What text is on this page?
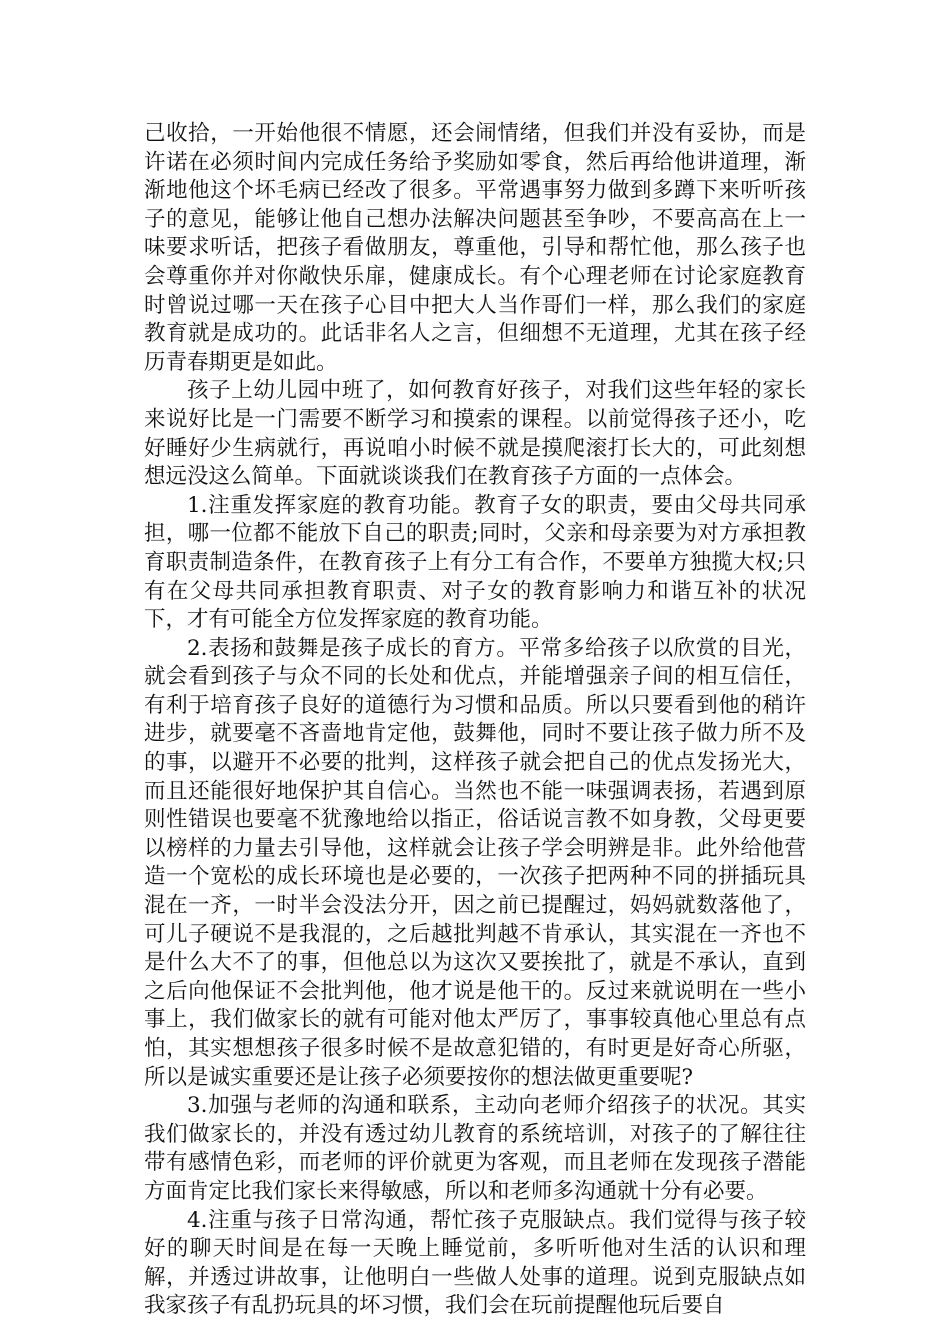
己收拾，一开始他很不情愿，还会闹情绪，但我们并没有妥协，而是许诺在必须时间内完成任务给予奖励如零食，然后再给他讲道理，渐渐地他这个坏毛病已经改了很多。平常遇事努力做到多蹲下来听听孩子的意见，能够让他自己想办法解决问题甚至争吵，不要高高在上一味要求听话，把孩子看做朋友，尊重他，引导和帮忙他，那么孩子也会尊重你并对你敞快乐扉，健康成长。有个心理老师在讨论家庭教育时曾说过哪一天在孩子心目中把大人当作哥们一样，那么我们的家庭教育就是成功的。此话非名人之言，但细想不无道理，尤其在孩子经历青春期更是如此。

孩子上幼儿园中班了，如何教育好孩子，对我们这些年轻的家长来说好比是一门需要不断学习和摸索的课程。以前觉得孩子还小，吃好睡好少生病就行，再说咱小时候不就是摸爬滚打长大的，可此刻想想远没这么简单。下面就谈谈我们在教育孩子方面的一点体会。

1.注重发挥家庭的教育功能。教育子女的职责，要由父母共同承担，哪一位都不能放下自己的职责;同时，父亲和母亲要为对方承担教育职责制造条件，在教育孩子上有分工有合作，不要单方独揽大权;只有在父母共同承担教育职责、对子女的教育影响力和谐互补的状况下，才有可能全方位发挥家庭的教育功能。

2.表扬和鼓舞是孩子成长的育方。平常多给孩子以欣赏的目光，就会看到孩子与众不同的长处和优点，并能增强亲子间的相互信任，有利于培育孩子良好的道德行为习惯和品质。所以只要看到他的稍许进步，就要毫不吝啬地肯定他，鼓舞他，同时不要让孩子做力所不及的事，以避开不必要的批判，这样孩子就会把自己的优点发扬光大，而且还能很好地保护其自信心。当然也不能一味强调表扬，若遇到原则性错误也要毫不犹豫地给以指正，俗话说言教不如身教，父母更要以榜样的力量去引导他，这样就会让孩子学会明辨是非。此外给他营造一个宽松的成长环境也是必要的，一次孩子把两种不同的拼插玩具混在一齐，一时半会没法分开，因之前已提醒过，妈妈就数落他了，可儿子硬说不是我混的，之后越批判越不肯承认，其实混在一齐也不是什么大不了的事，但他总以为这次又要挨批了，就是不承认，直到之后向他保证不会批判他，他才说是他干的。反过来就说明在一些小事上，我们做家长的就有可能对他太严厉了，事事较真他心里总有点怕，其实想想孩子很多时候不是故意犯错的，有时更是好奇心所驱，所以是诚实重要还是让孩子必须要按你的想法做更重要呢?

3.加强与老师的沟通和联系，主动向老师介绍孩子的状况。其实我们做家长的，并没有透过幼儿教育的系统培训，对孩子的了解往往带有感情色彩，而老师的评价就更为客观，而且老师在发现孩子潜能方面肯定比我们家长来得敏感，所以和老师多沟通就十分有必要。

4.注重与孩子日常沟通，帮忙孩子克服缺点。我们觉得与孩子较好的聊天时间是在每一天晚上睡觉前，多听听他对生活的认识和理解，并透过讲故事，让他明白一些做人处事的道理。说到克服缺点如我家孩子有乱扔玩具的坏习惯，我们会在玩前提醒他玩后要自
